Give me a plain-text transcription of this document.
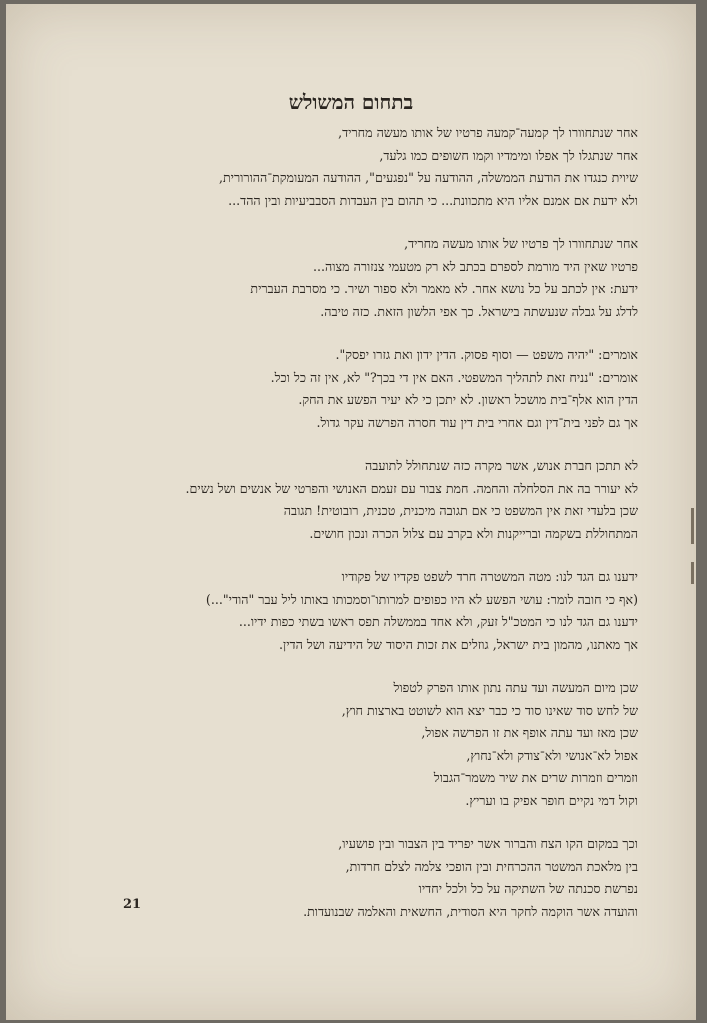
בתחום המשולש
אחר שנתחוורו לך קמעה־קמעה פרטיו של אותו מעשה מחריד,
אחר שנתגלו לך אפלו ומימדיו וקמו חשופים כמו גלעד,
שיוית כנגדו את הודעת הממשלה, ההודעה על "נפגעים", ההודעה המעומקת־ההורורית,
ולא ידעת אם אמנם אליו היא מתכוונת... כי תהום בין העבדות הסבביעיות ובין ההד...
אחר שנתחוורו לך פרטיו של אותו מעשה מחריד,
פרטיו שאין היד מורמת לספרם בכתב לא רק מטעמי צנזורה מצוה...
ידעת: אין לכתב על כל נושא אחר. לא מאמר ולא ספור ושיר. כי מסרבת העברית
לדלג על גבלה שנעשתה בישראל. כך אפי הלשון הזאת. כזה טיבה.
אומרים: "יהיה משפט — וסוף פסוק. הדין ידון ואת גזרו יפסק".
אומרים: "נניח זאת לתהליך המשפטי. האם אין די בכך?" לא, אין זה כל וכל.
הדין הוא אלף־בית מושכל ראשון. לא יתכן כי לא יעיר הפשע את החק.
אך גם לפני בית־דין וגם אחרי בית דין עוד חסרה הפרשה עקר גדול.
לא תתכן חברת אנוש, אשר מקרה כזה שנתחולל לתועבה
לא יעורר בה את הסלחלה והחמה. חמת צבור עם זעמם האנושי והפרטי של אנשים ושל נשים.
שכן בלעדי זאת אין המשפט כי אם תגובה מיכנית, טכנית, רובוטית! תגובה
המתחוללת בשקמה וברייקנות ולא בקרב עם צלול הכרה ונכון חושים.
ידענו גם הגד לנו: מטה המשטרה חרד לשפט פקדיו של פקודיו
(אף כי חובה לומר: עושי הפשע לא היו כפופים למרותו־וסמכותו באותו ליל עבר "הודי"...)
ידענו גם הגד לנו כי המטכ"ל זעק, ולא אחד בממשלה תפס ראשו בשתי כפות ידיו...
אך מאתנו, מהמון בית ישראל, גוזלים את זכות היסוד של הידיעה ושל הדין.
שכן מיום המעשה ועד עתה נתון אותו הפרק לטפול
של לחש סוד שאינו סוד כי כבר יצא הוא לשוטט בארצות חוץ,
שכן מאז ועד עתה אופף את זו הפרשה אפול,
אפול לא־אנושי ולא־צודק ולא־נחוץ,
וזמרים וזמרות שרים את שיר משמר־הגבול
וקול דמי נקיים חופר אפיק בו ועריץ.
וכך במקום הקו הצח והברור אשר יפריד בין הצבור ובין פושעיו,
בין מלאכת המשטר ההכרחית ובין הופכי צלמה לצלם חרדות,
נפרשת סכנתה של השתיקה על כל ולכל יחדיו
והועדה אשר הוקמה לחקר היא הסודית, החשאית והאלמה שבנועדות.
21
